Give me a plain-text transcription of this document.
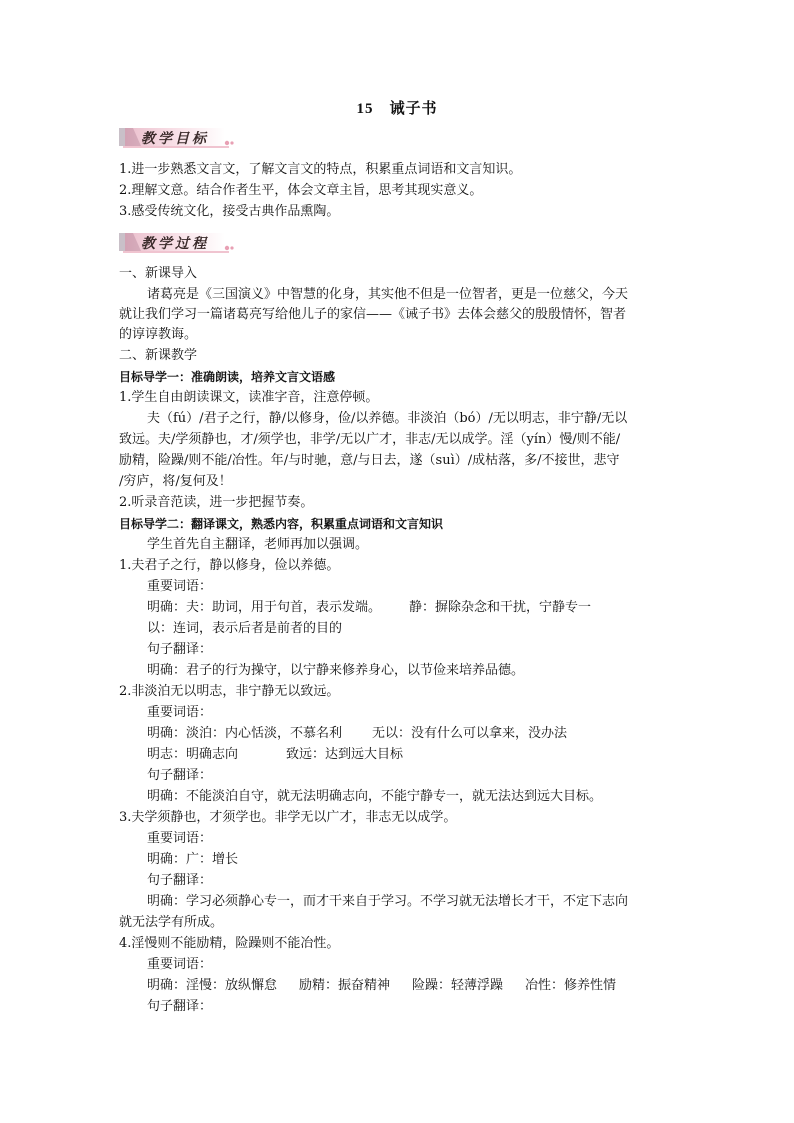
15　诫子书
教学目标
1.进一步熟悉文言文，了解文言文的特点，积累重点词语和文言知识。
2.理解文意。结合作者生平，体会文章主旨，思考其现实意义。
3.感受传统文化，接受古典作品熏陶。
教学过程
一、新课导入
诸葛亮是《三国演义》中智慧的化身，其实他不但是一位智者，更是一位慈父，今天
就让我们学习一篇诸葛亮写给他儿子的家信——《诫子书》去体会慈父的殷殷情怀，智者
的谆谆教诲。
二、新课教学
目标导学一：准确朗读，培养文言文语感
1.学生自由朗读课文，读准字音，注意停顿。
夫（fú）/君子之行，静/以修身，俭/以养德。非淡泊（bó）/无以明志，非宁静/无以
致远。夫/学须静也，才/须学也，非学/无以广才，非志/无以成学。淫（yín）慢/则不能/
励精，险躁/则不能/冶性。年/与时驰，意/与日去，遂（suì）/成枯落，多/不接世，悲守
/穷庐，将/复何及！
2.听录音范读，进一步把握节奏。
目标导学二：翻译课文，熟悉内容，积累重点词语和文言知识
学生首先自主翻译，老师再加以强调。
1.夫君子之行，静以修身，俭以养德。
重要词语：
明确：夫：助词，用于句首，表示发端。 静：摒除杂念和干扰，宁静专一
以：连词，表示后者是前者的目的
句子翻译：
明确：君子的行为操守，以宁静来修养身心，以节俭来培养品德。
2.非淡泊无以明志，非宁静无以致远。
重要词语：
明确：淡泊：内心恬淡，不慕名利 无以：没有什么可以拿来，没办法
明志：明确志向	致远：达到远大目标
句子翻译：
明确：不能淡泊自守，就无法明确志向，不能宁静专一，就无法达到远大目标。
3.夫学须静也，才须学也。非学无以广才，非志无以成学。
重要词语：
明确：广：增长
句子翻译：
明确：学习必须静心专一，而才干来自于学习。不学习就无法增长才干，不定下志向
就无法学有所成。
4.淫慢则不能励精，险躁则不能冶性。
重要词语：
明确：淫慢：放纵懈怠 励精：振奋精神 险躁：轻薄浮躁 冶性：修养性情
句子翻译：
